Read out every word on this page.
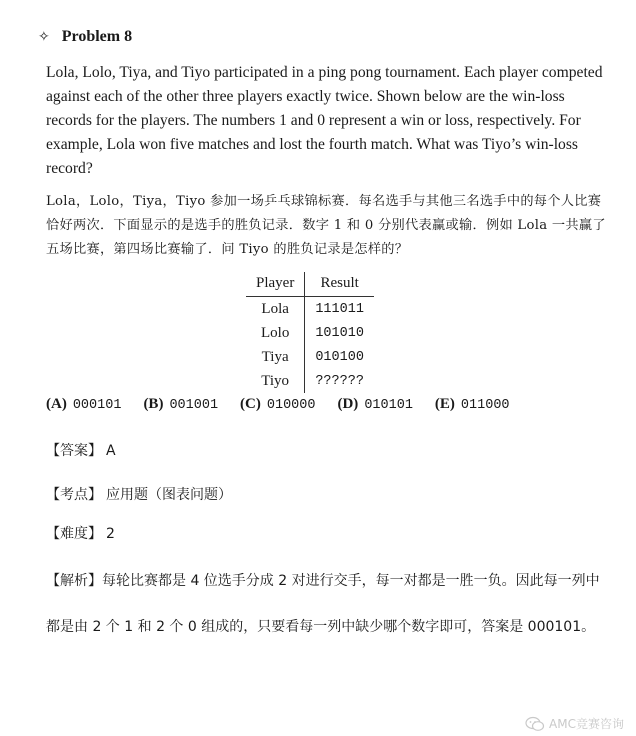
✧ Problem 8

Lola, Lolo, Tiya, and Tiyo participated in a ping pong tournament. Each player competed against each of the other three players exactly twice. Shown below are the win-loss records for the players. The numbers 1 and 0 represent a win or loss, respectively. For example, Lola won five matches and lost the fourth match. What was Tiyo’s win-loss record?

Lola，Lolo，Tiya，Tiyo 参加一场乒乓球锦标赛．每名选手与其他三名选手中的每个人比赛恰好两次．下面显示的是选手的胜负记录．数字 1 和 0 分别代表赢或输．例如 Lola 一共赢了五场比赛，第四场比赛输了．问 Tiyo 的胜负记录是怎样的？

Player	Result
Lola	111011
Lolo	101010
Tiya	010100
Tiyo	??????
(A) 000101 (B) 001001 (C) 010000 (D) 010101 (E) 011000
【答案】 A
【考点】 应用题（图表问题）
【难度】 2

【解析】每轮比赛都是 4 位选手分成 2 对进行交手，每一对都是一胜一负。因此每一列中都是由 2 个 1 和 2 个 0 组成的，只要看每一列中缺少哪个数字即可，答案是 000101。

AMC竞赛咨询
